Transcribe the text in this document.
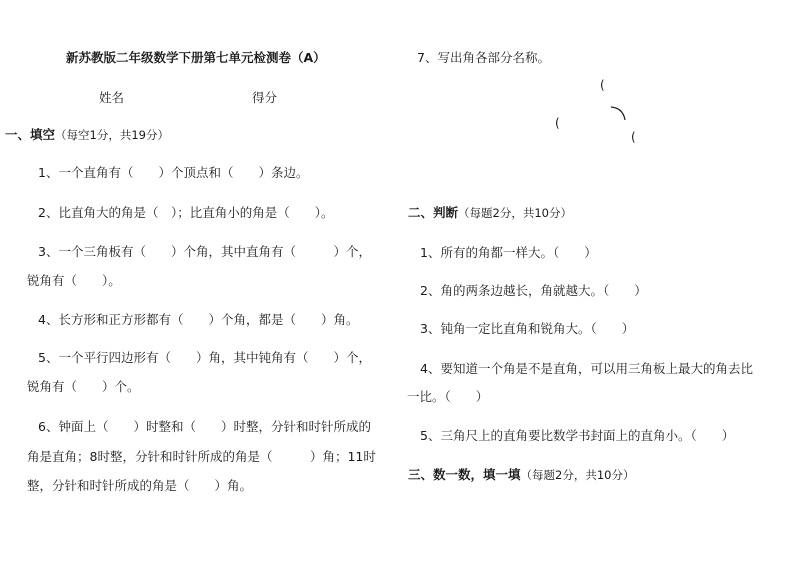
新苏教版二年级数学下册第七单元检测卷（A）
姓名	得分
一、填空（每空1分，共19分）
1、一个直角有（　　）个顶点和（　　）条边。
2、比直角大的角是（　）；比直角小的角是（　　）。
3、一个三角板有（　　）个角，其中直角有（　　　）个，
锐角有（　　）。
4、长方形和正方形都有（　　）个角，都是（　　）角。
5、一个平行四边形有（　　）角，其中钝角有（　　）个，
锐角有（　　）个。
6、钟面上（　　）时整和（　　）时整，分针和时针所成的
角是直角；8时整，分针和时针所成的角是（　　　）角；11时
整，分针和时针所成的角是（　　）角。
7、写出角各部分名称。
(
(
(
二、判断（每题2分，共10分）
1、所有的角都一样大。（　　）
2、角的两条边越长，角就越大。（　　）
3、钝角一定比直角和锐角大。（　　）
4、要知道一个角是不是直角，可以用三角板上最大的角去比
一比。（　　）
5、三角尺上的直角要比数学书封面上的直角小。（　　）
三、数一数，填一填（每题2分，共10分）
